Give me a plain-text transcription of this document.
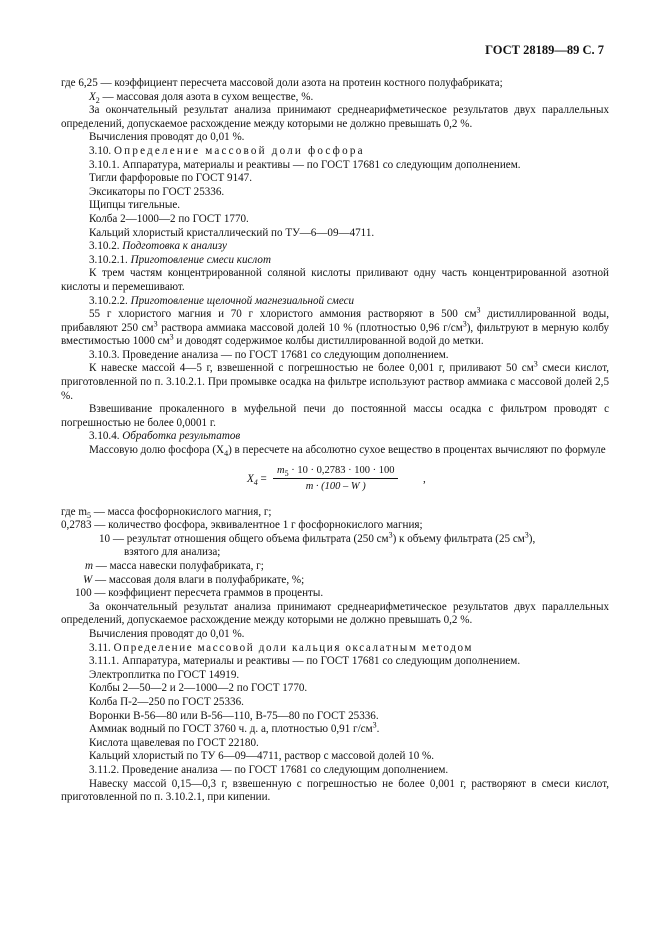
ГОСТ 28189—89 С. 7

где 6,25 — коэффициент пересчета массовой доли азота на протеин костного полуфабриката;

$X_2$ — массовая доля азота в сухом веществе, %.

За окончательный результат анализа принимают среднеарифметическое результатов двух параллельных определений, допускаемое расхождение между которыми не должно превышать 0,2 %.

Вычисления проводят до 0,01 %.

3.10. Определение массовой доли фосфора

3.10.1. Аппаратура, материалы и реактивы — по ГОСТ 17681 со следующим дополнением.

Тигли фарфоровые по ГОСТ 9147.

Эксикаторы по ГОСТ 25336.

Щипцы тигельные.

Колба 2—1000—2 по ГОСТ 1770.

Кальций хлористый кристаллический по ТУ—6—09—4711.

3.10.2. Подготовка к анализу

3.10.2.1. Приготовление смеси кислот

К трем частям концентрированной соляной кислоты приливают одну часть концентрированной азотной кислоты и перемешивают.

3.10.2.2. Приготовление щелочной магнезиальной смеси

55 г хлористого магния и 70 г хлористого аммония растворяют в 500 $см^3$ дистиллированной воды, прибавляют 250 $см^3$ раствора аммиака массовой долей 10 % (плотностью 0,96 $г/см^3$), фильтруют в мерную колбу вместимостью 1000 $см^3$ и доводят содержимое колбы дистиллированной водой до метки.

3.10.3. Проведение анализа — по ГОСТ 17681 со следующим дополнением.

К навеске массой 4—5 г, взвешенной с погрешностью не более 0,001 г, приливают 50 $см^3$ смеси кислот, приготовленной по п. 3.10.2.1. При промывке осадка на фильтре используют раствор аммиака с массовой долей 2,5 %.

Взвешивание прокаленного в муфельной печи до постоянной массы осадка с фильтром проводят с погрешностью не более 0,0001 г.

3.10.4. Обработка результатов

Массовую долю фосфора $(X_4)$ в пересчете на абсолютно сухое вещество в процентах вычисляют по формуле

$X_4 = \frac{m_5 \cdot 10 \cdot 0,2783 \cdot 100 \cdot 100}{m \cdot (100 - W )}$ ,

где $m_5$ — масса фосфорнокислого магния, г;

0,2783 — количество фосфора, эквивалентное 1 г фосфорнокислого магния;

10 — результат отношения общего объема фильтрата (250 $см^3$) к объему фильтрата (25 $см^3$),

взятого для анализа;

m — масса навески полуфабриката, г;

W — массовая доля влаги в полуфабрикате, %;

100 — коэффициент пересчета граммов в проценты.

За окончательный результат анализа принимают среднеарифметическое результатов двух параллельных определений, допускаемое расхождение между которыми не должно превышать 0,2 %.

Вычисления проводят до 0,01 %.

3.11. Определение массовой доли кальция оксалатным методом

3.11.1. Аппаратура, материалы и реактивы — по ГОСТ 17681 со следующим дополнением.

Электроплитка по ГОСТ 14919.

Колбы 2—50—2 и 2—1000—2 по ГОСТ 1770.

Колба П-2—250 по ГОСТ 25336.

Воронки В-56—80 или В-56—110, В-75—80 по ГОСТ 25336.

Аммиак водный по ГОСТ 3760 ч. д. а, плотностью 0,91 $г/см^3$.

Кислота щавелевая по ГОСТ 22180.

Кальций хлористый по ТУ 6—09—4711, раствор с массовой долей 10 %.

3.11.2. Проведение анализа — по ГОСТ 17681 со следующим дополнением.

Навеску массой 0,15—0,3 г, взвешенную с погрешностью не более 0,001 г, растворяют в смеси кислот, приготовленной по п. 3.10.2.1, при кипении.
